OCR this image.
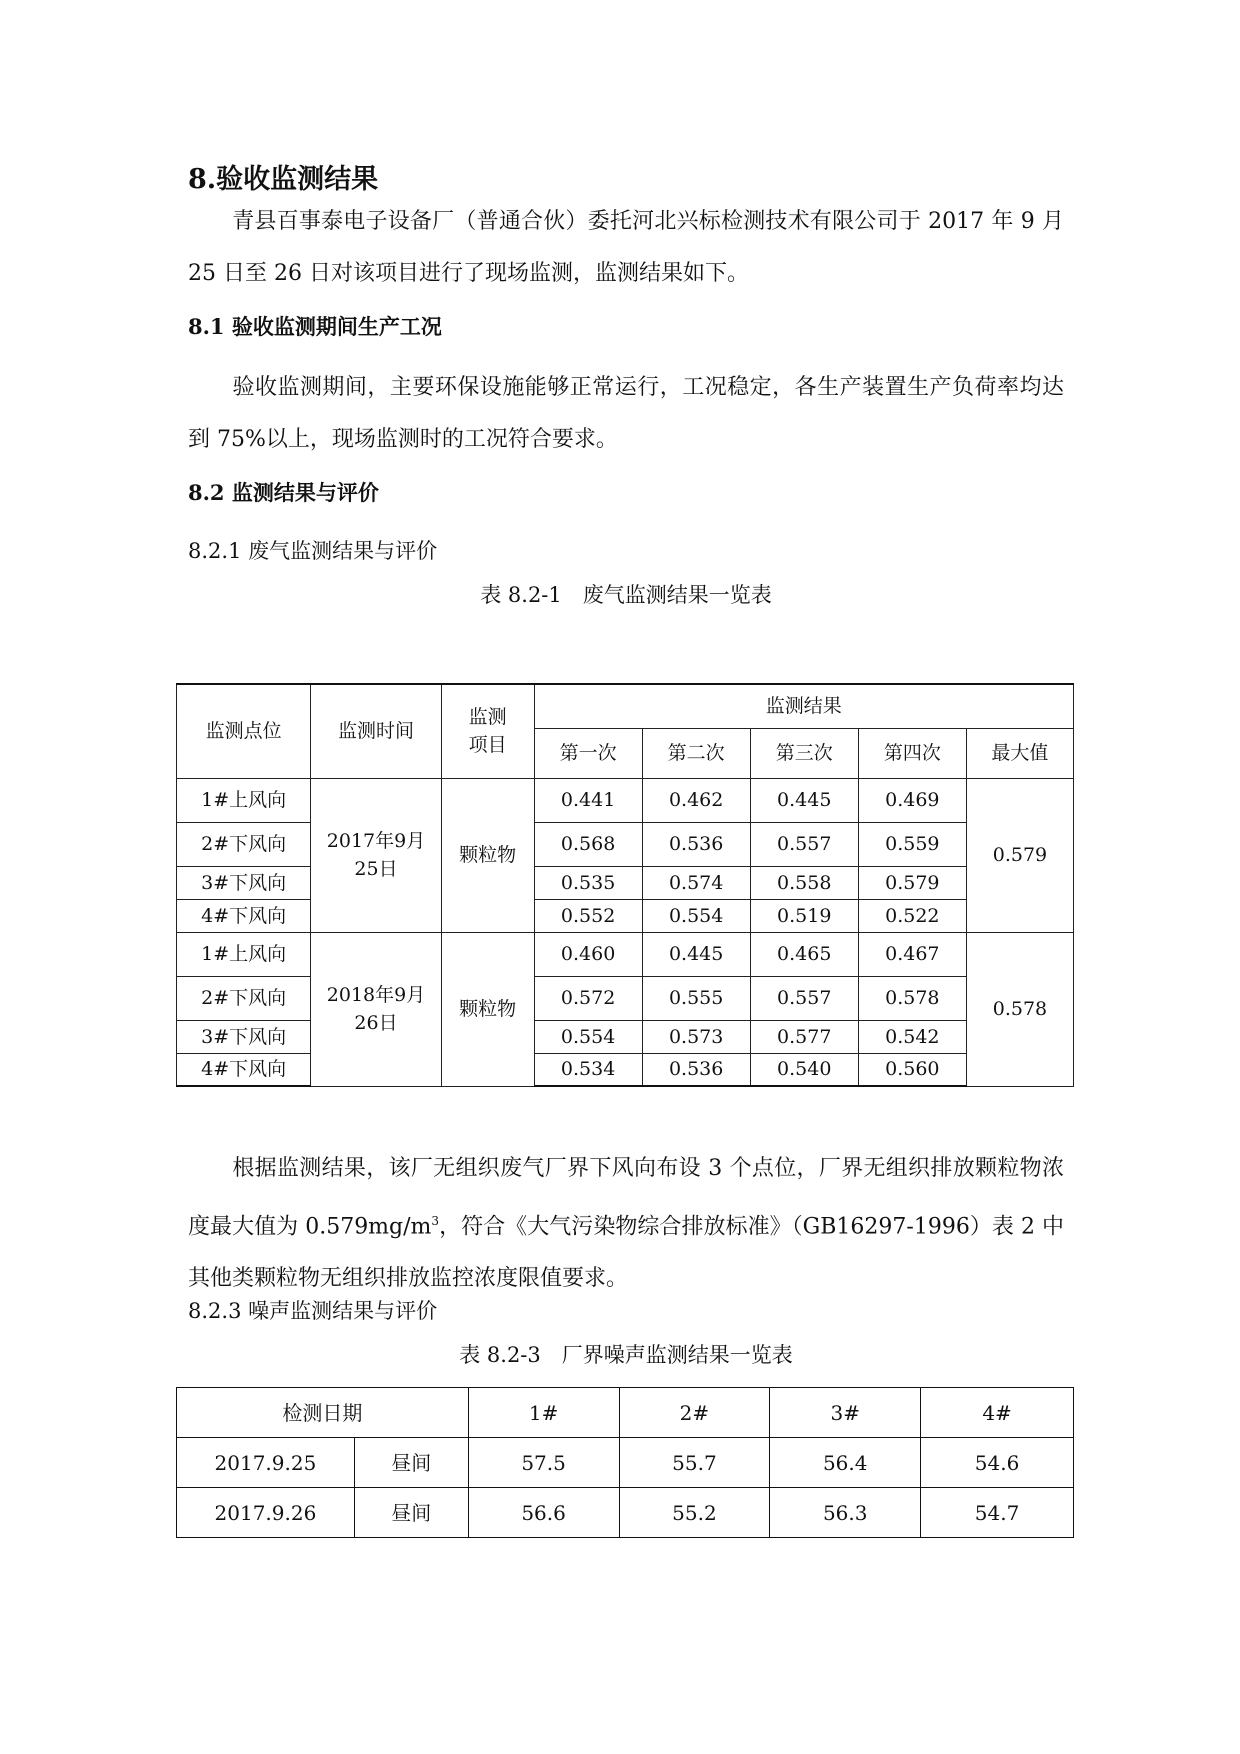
8.验收监测结果

青县百事泰电子设备厂（普通合伙）委托河北兴标检测技术有限公司于 2017 年 9 月 25 日至 26 日对该项目进行了现场监测，监测结果如下。

8.1 验收监测期间生产工况

验收监测期间，主要环保设施能够正常运行，工况稳定，各生产装置生产负荷率均达到 75%以上，现场监测时的工况符合要求。

8.2 监测结果与评价

8.2.1 废气监测结果与评价

表 8.2-1　废气监测结果一览表

监测点位	监测时间	监测项目	监测结果				
			第一次	第二次	第三次	第四次	最大值
1#上风向	2017年9月25日	颗粒物	0.441	0.462	0.445	0.469	0.579
2#下风向			0.568	0.536	0.557	0.559	
3#下风向			0.535	0.574	0.558	0.579	
4#下风向			0.552	0.554	0.519	0.522	
1#上风向	2018年9月26日	颗粒物	0.460	0.445	0.465	0.467	0.578
2#下风向			0.572	0.555	0.557	0.578	
3#下风向			0.554	0.573	0.577	0.542	
4#下风向			0.534	0.536	0.540	0.560	

根据监测结果，该厂无组织废气厂界下风向布设 3 个点位，厂界无组织排放颗粒物浓度最大值为 $0.579mg/m^3$，符合《大气污染物综合排放标准》（GB16297-1996）表 2 中其他类颗粒物无组织排放监控浓度限值要求。

8.2.3 噪声监测结果与评价

表 8.2-3　厂界噪声监测结果一览表

检测日期		1#	2#	3#	4#
2017.9.25	昼间	57.5	55.7	56.4	54.6
2017.9.26	昼间	56.6	55.2	56.3	54.7
